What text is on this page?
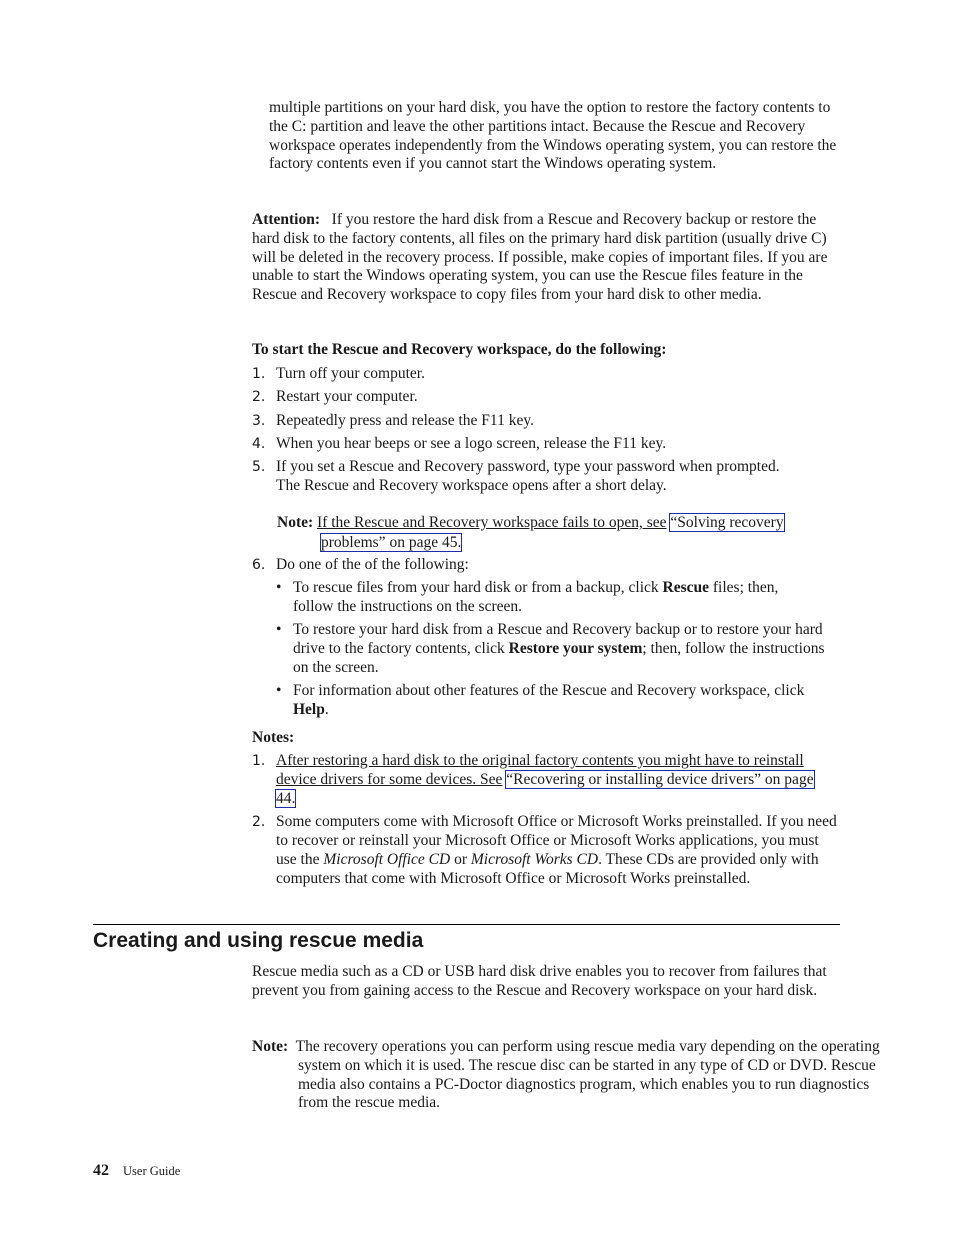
multiple partitions on your hard disk, you have the option to restore the factory contents to the C: partition and leave the other partitions intact. Because the Rescue and Recovery workspace operates independently from the Windows operating system, you can restore the factory contents even if you cannot start the Windows operating system.

Attention: If you restore the hard disk from a Rescue and Recovery backup or restore the hard disk to the factory contents, all files on the primary hard disk partition (usually drive C) will be deleted in the recovery process. If possible, make copies of important files. If you are unable to start the Windows operating system, you can use the Rescue files feature in the Rescue and Recovery workspace to copy files from your hard disk to other media.

To start the Rescue and Recovery workspace, do the following:

1. Turn off your computer.
2. Restart your computer.
3. Repeatedly press and release the F11 key.
4. When you hear beeps or see a logo screen, release the F11 key.
5. If you set a Rescue and Recovery password, type your password when prompted. The Rescue and Recovery workspace opens after a short delay.
Note: If the Rescue and Recovery workspace fails to open, see “Solving recovery problems” on page 45.
6. Do one of the of the following:
• To rescue files from your hard disk or from a backup, click Rescue files; then, follow the instructions on the screen.
• To restore your hard disk from a Rescue and Recovery backup or to restore your hard drive to the factory contents, click Restore your system; then, follow the instructions on the screen.
• For information about other features of the Rescue and Recovery workspace, click Help.

Notes:

1. After restoring a hard disk to the original factory contents you might have to reinstall device drivers for some devices. See “Recovering or installing device drivers” on page 44.
2. Some computers come with Microsoft Office or Microsoft Works preinstalled. If you need to recover or reinstall your Microsoft Office or Microsoft Works applications, you must use the Microsoft Office CD or Microsoft Works CD. These CDs are provided only with computers that come with Microsoft Office or Microsoft Works preinstalled.
Creating and using rescue media

Rescue media such as a CD or USB hard disk drive enables you to recover from failures that prevent you from gaining access to the Rescue and Recovery workspace on your hard disk.

Note: The recovery operations you can perform using rescue media vary depending on the operating system on which it is used. The rescue disc can be started in any type of CD or DVD. Rescue media also contains a PC-Doctor diagnostics program, which enables you to run diagnostics from the rescue media.
42 User Guide
